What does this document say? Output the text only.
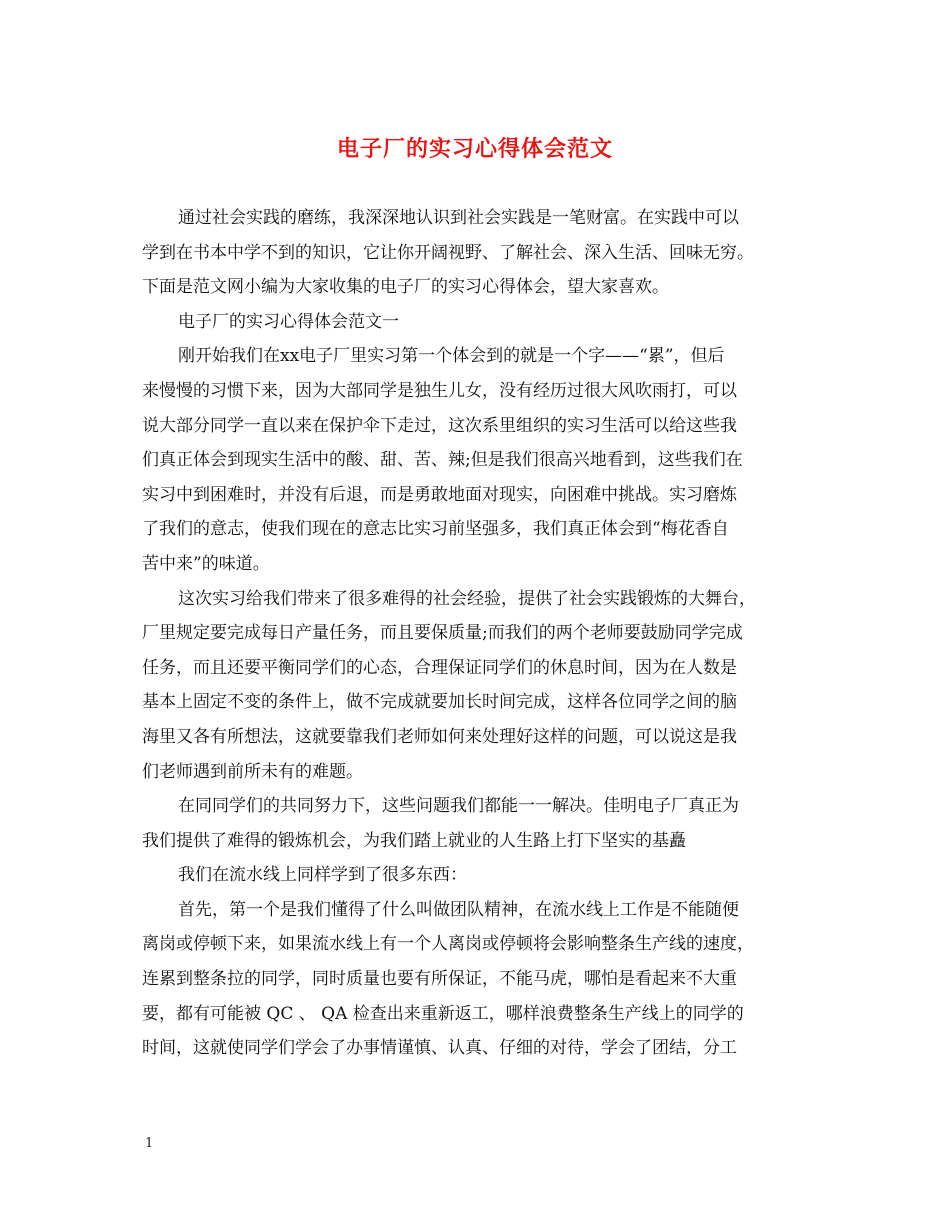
电子厂的实习心得体会范文
通过社会实践的磨练，我深深地认识到社会实践是一笔财富。在实践中可以
学到在书本中学不到的知识，它让你开阔视野、了解社会、深入生活、回味无穷。
下面是范文网小编为大家收集的电子厂的实习心得体会，望大家喜欢。
电子厂的实习心得体会范文一
刚开始我们在xx电子厂里实习第一个体会到的就是一个字——“累”，但后
来慢慢的习惯下来，因为大部同学是独生儿女，没有经历过很大风吹雨打，可以
说大部分同学一直以来在保护伞下走过，这次系里组织的实习生活可以给这些我
们真正体会到现实生活中的酸、甜、苦、辣;但是我们很高兴地看到，这些我们在
实习中到困难时，并没有后退，而是勇敢地面对现实，向困难中挑战。实习磨炼
了我们的意志，使我们现在的意志比实习前坚强多，我们真正体会到“梅花香自
苦中来”的味道。
这次实习给我们带来了很多难得的社会经验，提供了社会实践锻炼的大舞台，
厂里规定要完成每日产量任务，而且要保质量;而我们的两个老师要鼓励同学完成
任务，而且还要平衡同学们的心态，合理保证同学们的休息时间，因为在人数是
基本上固定不变的条件上，做不完成就要加长时间完成，这样各位同学之间的脑
海里又各有所想法，这就要靠我们老师如何来处理好这样的问题，可以说这是我
们老师遇到前所未有的难题。
在同同学们的共同努力下，这些问题我们都能一一解决。佳明电子厂真正为
我们提供了难得的锻炼机会，为我们踏上就业的人生路上打下坚实的基矗
我们在流水线上同样学到了很多东西：
首先，第一个是我们懂得了什么叫做团队精神，在流水线上工作是不能随便
离岗或停顿下来，如果流水线上有一个人离岗或停顿将会影响整条生产线的速度，
连累到整条拉的同学，同时质量也要有所保证，不能马虎，哪怕是看起来不大重
要，都有可能被 QC 、 QA 检查出来重新返工，哪样浪费整条生产线上的同学的
时间，这就使同学们学会了办事情谨慎、认真、仔细的对待，学会了团结，分工
1
